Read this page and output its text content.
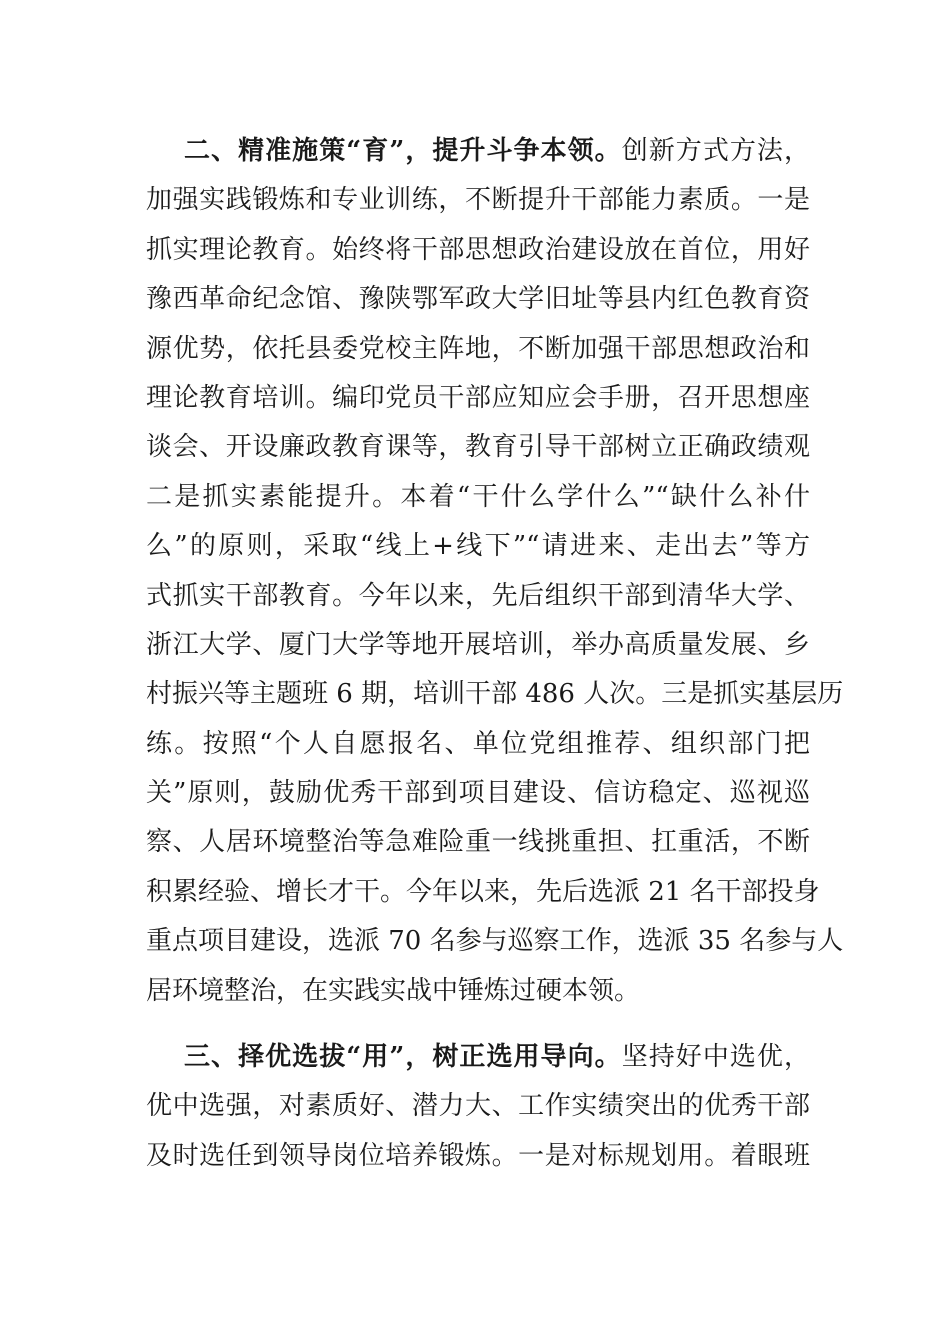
二、精准施策“育”，提升斗争本领。创新方式方法，
加强实践锻炼和专业训练，不断提升干部能力素质。一是
抓实理论教育。始终将干部思想政治建设放在首位，用好
豫西革命纪念馆、豫陕鄂军政大学旧址等县内红色教育资
源优势，依托县委党校主阵地，不断加强干部思想政治和
理论教育培训。编印党员干部应知应会手册，召开思想座
谈会、开设廉政教育课等，教育引导干部树立正确政绩观
二是抓实素能提升。本着“干什么学什么”“缺什么补什
么”的原则，采取“线上+线下”“请进来、走出去”等方
式抓实干部教育。今年以来，先后组织干部到清华大学、
浙江大学、厦门大学等地开展培训，举办高质量发展、乡
村振兴等主题班 6 期，培训干部 486 人次。三是抓实基层历
练。按照“个人自愿报名、单位党组推荐、组织部门把
关”原则，鼓励优秀干部到项目建设、信访稳定、巡视巡
察、人居环境整治等急难险重一线挑重担、扛重活，不断
积累经验、增长才干。今年以来，先后选派 21 名干部投身
重点项目建设，选派 70 名参与巡察工作，选派 35 名参与人
居环境整治，在实践实战中锤炼过硬本领。
三、择优选拔“用”，树正选用导向。坚持好中选优，
优中选强，对素质好、潜力大、工作实绩突出的优秀干部
及时选任到领导岗位培养锻炼。一是对标规划用。着眼班
